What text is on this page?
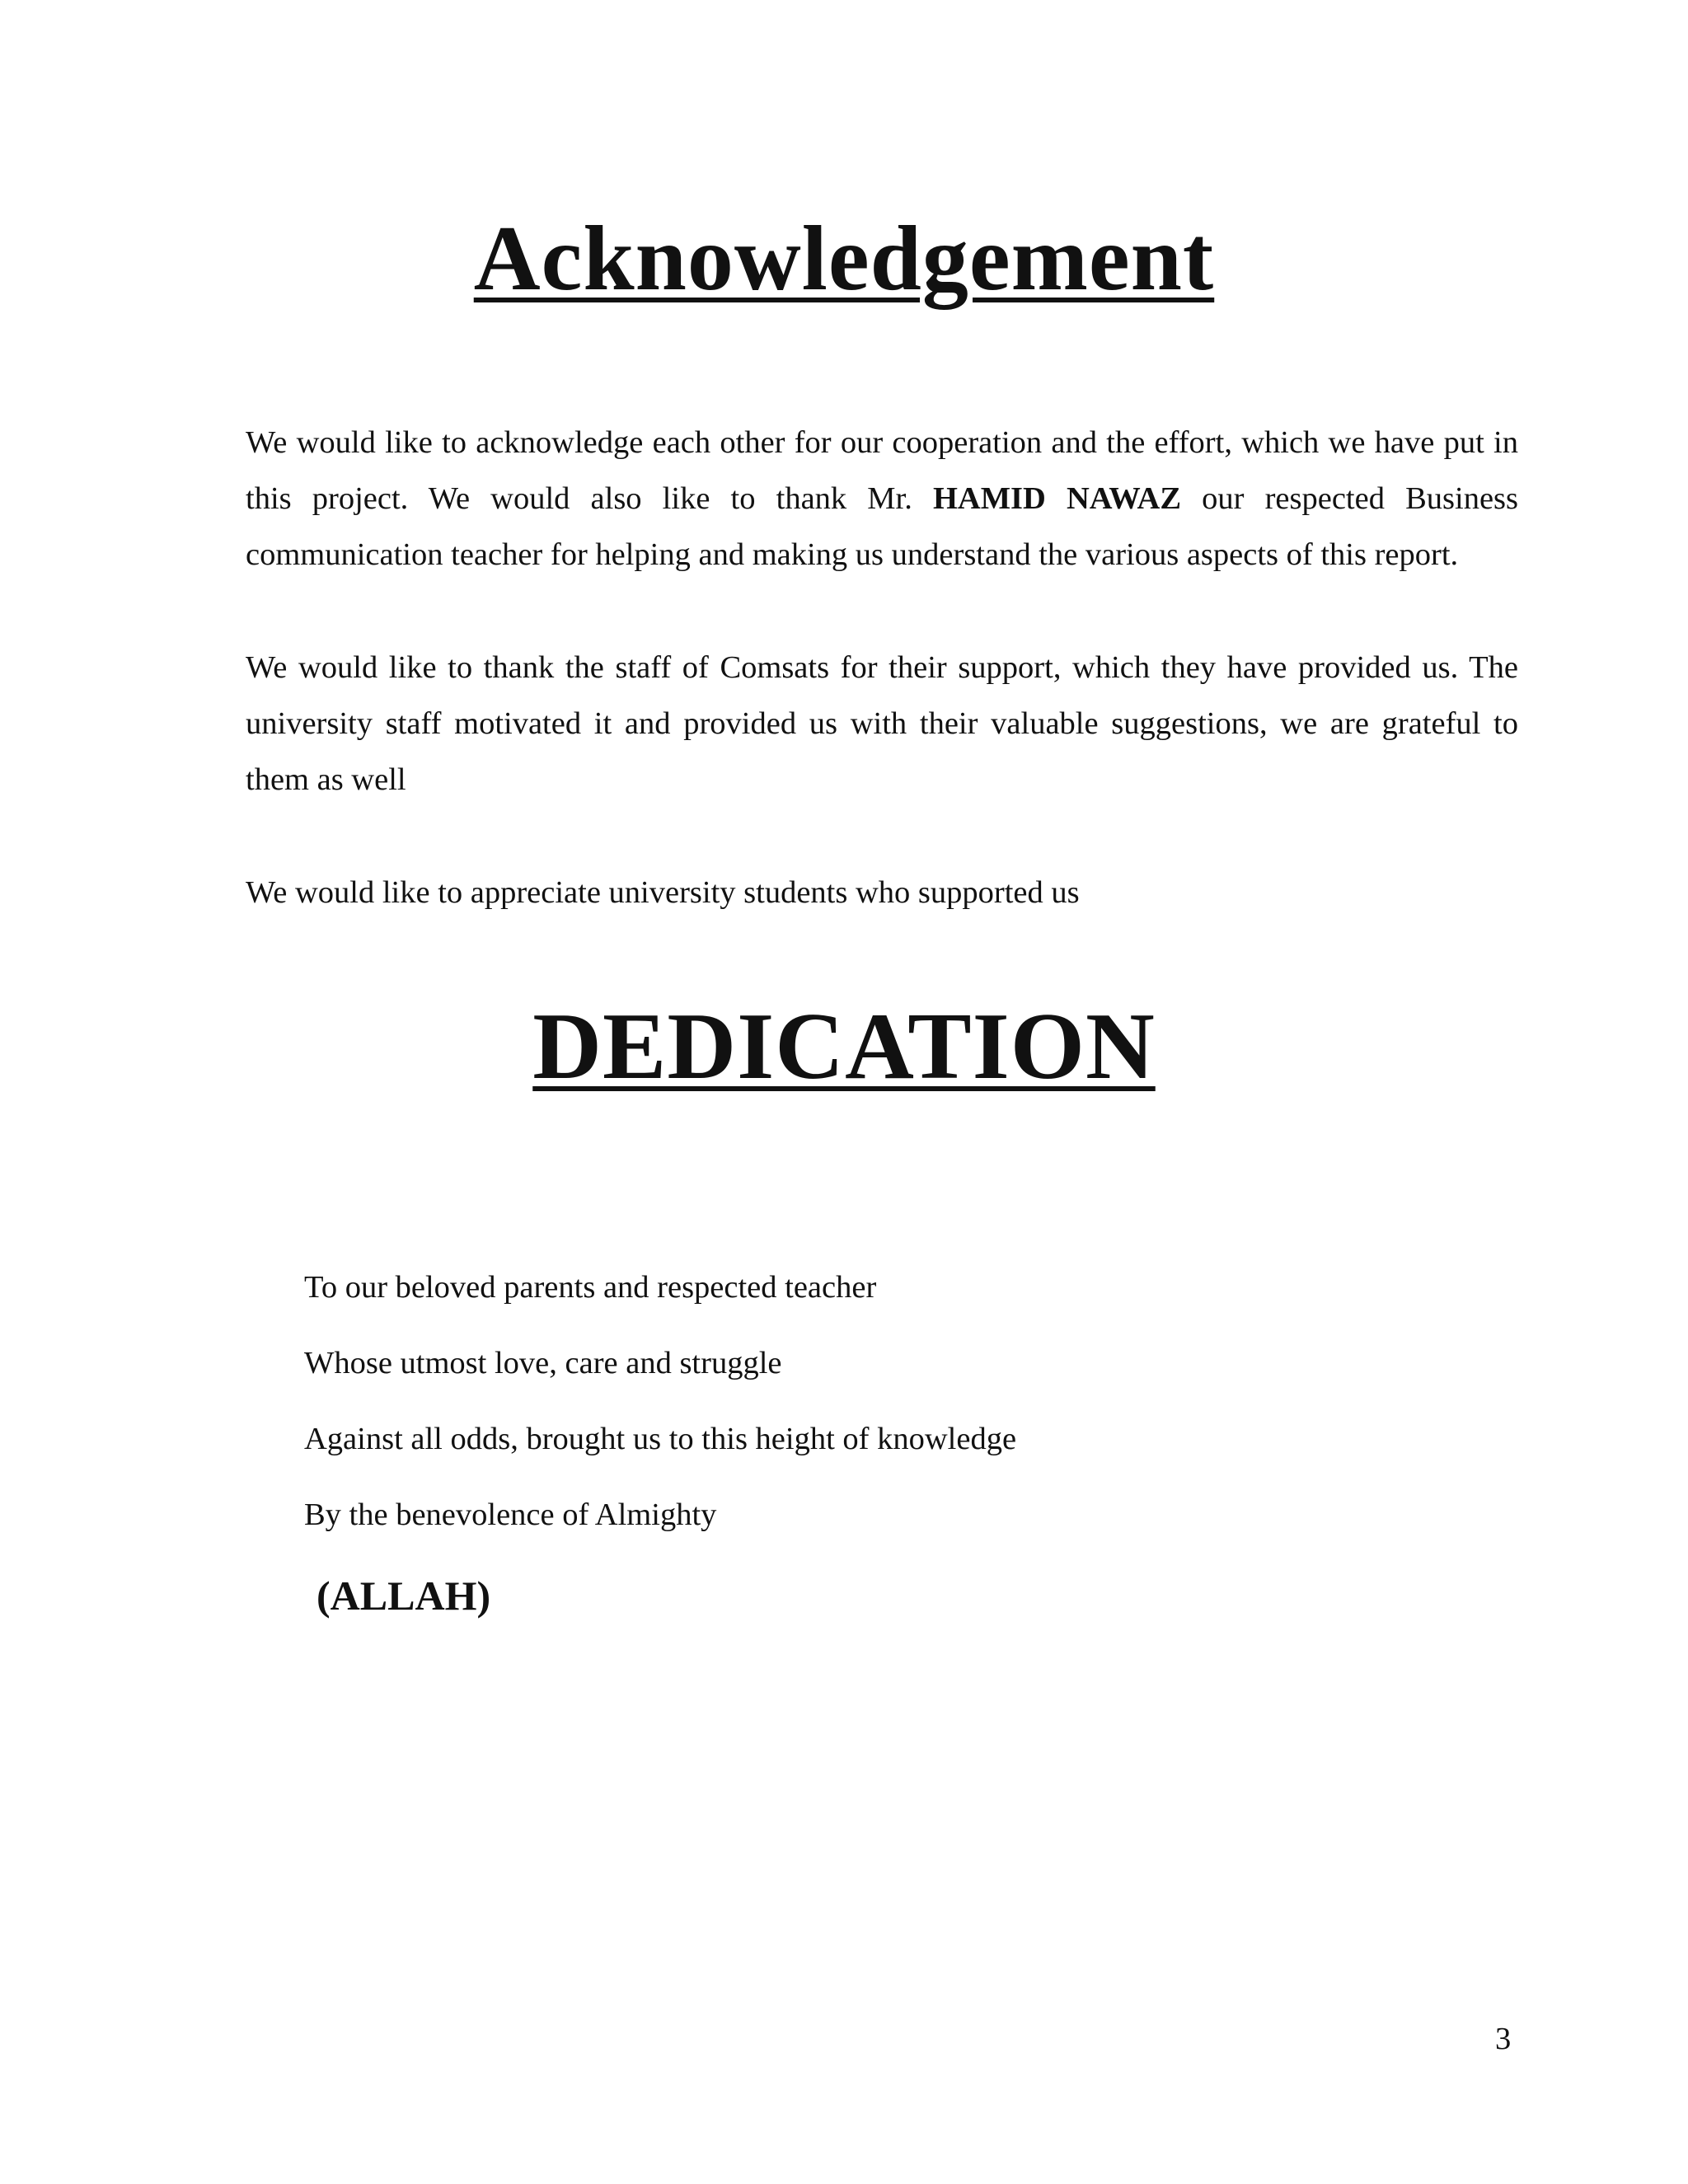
Acknowledgement

We would like to acknowledge each other for our cooperation and the effort, which we have put in this project. We would also like to thank Mr. HAMID NAWAZ our respected Business communication teacher for helping and making us understand the various aspects of this report.

We would like to thank the staff of Comsats for their support, which they have provided us. The university staff motivated it and provided us with their valuable suggestions, we are grateful to them as well

We would like to appreciate university students who supported us

DEDICATION

To our beloved parents and respected teacher

Whose utmost love, care and struggle

Against all odds, brought us to this height of knowledge

By the benevolence of Almighty

(ALLAH)

3
